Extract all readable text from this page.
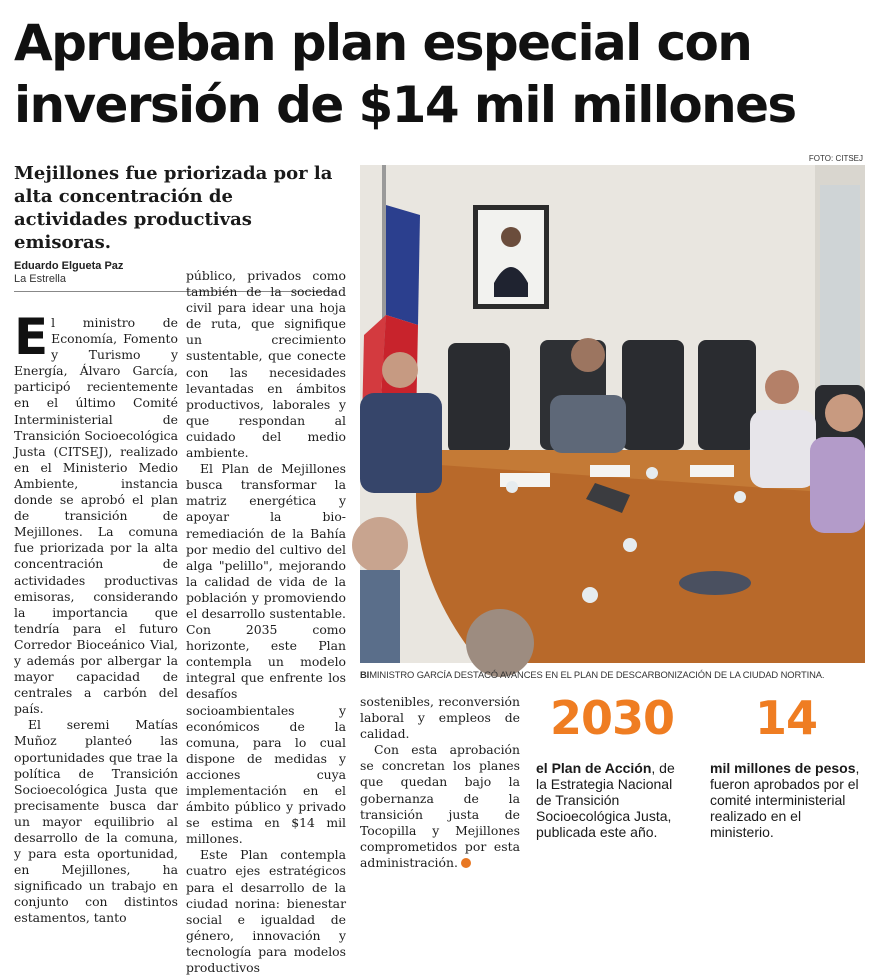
Aprueban plan especial con inversión de $14 mil millones
Mejillones fue priorizada por la alta concentración de actividades productivas emisoras.
Eduardo Elgueta Paz
La Estrella

El ministro de Economía, Fomento y Turismo y Energía, Álvaro García, participó recientemente en el último Comité Interministerial de Transición Socioecológica Justa (CITSEJ), realizado en el Ministerio Medio Ambiente, instancia donde se aprobó el plan de transición de Mejillones. La comuna fue priorizada por la alta concentración de actividades productivas emisoras, considerando la importancia que tendría para el futuro Corredor Bioceánico Vial, y además por albergar la mayor capacidad de centrales a carbón del país.

El seremi Matías Muñoz planteó las oportunidades que trae la política de Transición Socioecológica Justa que precisamente busca dar un mayor equilibrio al desarrollo de la comuna, y para esta oportunidad, en Mejillones, ha significado un trabajo en conjunto con distintos estamentos, tanto

público, privados como también de la sociedad civil para idear una hoja de ruta, que signifique un crecimiento sustentable, que conecte con las necesidades levantadas en ámbitos productivos, laborales y que respondan al cuidado del medio ambiente.

El Plan de Mejillones busca transformar la matriz energética y apoyar la bio-remediación de la Bahía por medio del cultivo del alga "pelillo", mejorando la calidad de vida de la población y promoviendo el desarrollo sustentable. Con 2035 como horizonte, este Plan contempla un modelo integral que enfrente los desafíos socioambientales y económicos de la comuna, para lo cual dispone de medidas y acciones cuya implementación en el ámbito público y privado se estima en $14 mil millones.

Este Plan contempla cuatro ejes estratégicos para el desarrollo de la ciudad norina: bienestar social e igualdad de género, innovación y tecnología para modelos productivos

sostenibles, reconversión laboral y empleos de calidad.

Con esta aprobación se concretan los planes que quedan bajo la gobernanza de la transición justa de Tocopilla y Mejillones comprometidos por esta administración.

FOTO: CITSEJ
BIMINISTRO GARCÍA DESTACÓ AVANCES EN EL PLAN DE DESCARBONIZACIÓN DE LA CIUDAD NORTINA.
2030
el Plan de Acción, de la Estrategia Nacional de Transición Socioecológica Justa, publicada este año.
14
mil millones de pesos, fueron aprobados por el comité interministerial realizado en el ministerio.
